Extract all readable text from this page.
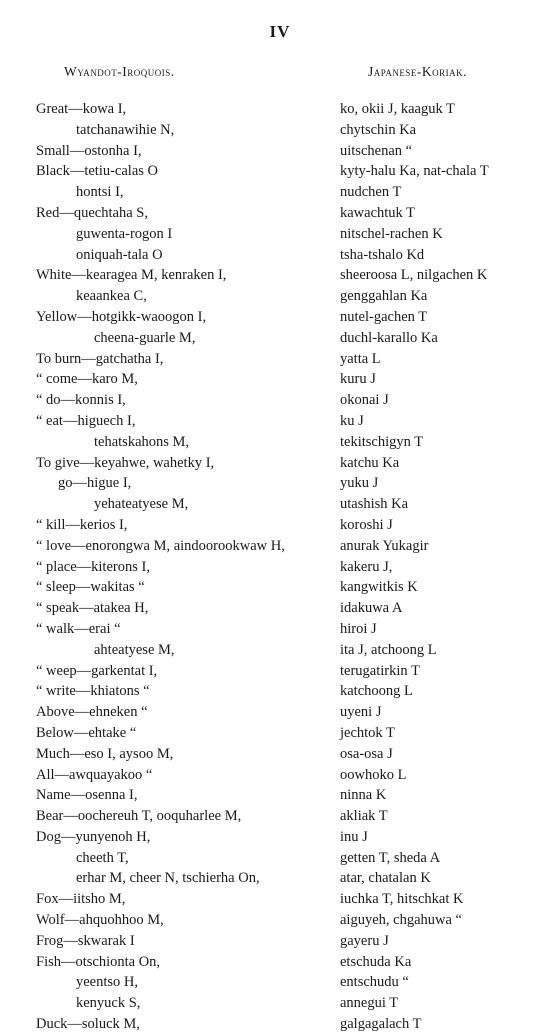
IV
Wyandot-Iroquois.	Japanese-Koriak.
Great—kowa I,
tatchanawihie N,
Small—ostonha I,
Black—tetiu-calas O
hontsi I,
Red—quechtaha S,
guwenta-rogon I
oniquah-tala O
White—kearagea M, kenraken I,
keaankea C,
Yellow—hotgikk-waoogon I,
cheena-guarle M,
To burn—gatchatha I,
“ come—karo M,
“ do—konnis I,
“ eat—higuech I,
tehatskahons M,
To give—keyahwe, wahetky I,
go—higue I,
yehateatyese M,
“ kill—kerios I,
“ love—enorongwa M, aindoorookwaw H,
“ place—kiterons I,
“ sleep—wakitas “
“ speak—atakea H,
“ walk—erai “
ahteatyese M,
“ weep—garkentat I,
“ write—khiatons “
Above—ehneken “
Below—ehtake “
Much—eso I, aysoo M,
All—awquayakoo “
Name—osenna I,
Bear—oochereuh T, ooquharlee M,
Dog—yunyenoh H,
cheeth T,
erhar M, cheer N, tschierha On,
Fox—iitsho M,
Wolf—ahquohhoo M,
Frog—skwarak I
Fish—otschionta On,
yeentso H,
kenyuck S,
Duck—soluck M,
ko, okii J, kaaguk T
chytschin Ka
uitschenan “
kyty-halu Ka, nat-chala T
nudchen T
kawachtuk T
nitschel-rachen K
tsha-tshalo Kd
sheeroosa L, nilgachen K
genggahlan Ka
nutel-gachen T
duchl-karallo Ka
yatta L
kuru J
okonai J
ku J
tekitschigyn T
katchu Ka
yuku J
utashish Ka
koroshi J
anurak Yukagir
kakeru J,
kangwitkis K
idakuwa A
hiroi J
ita J, atchoong L
terugatirkin T
katchoong L
uyeni J
jechtok T
osa-osa J
oowhoko L
ninna K
akliak T
inu J
getten T, sheda A
atar, chatalan K
iuchka T, hitschkat K
aiguyeh, chgahuwa “
gayeru J
etschuda Ka
entschudu “
annegui T
galgagalach T
